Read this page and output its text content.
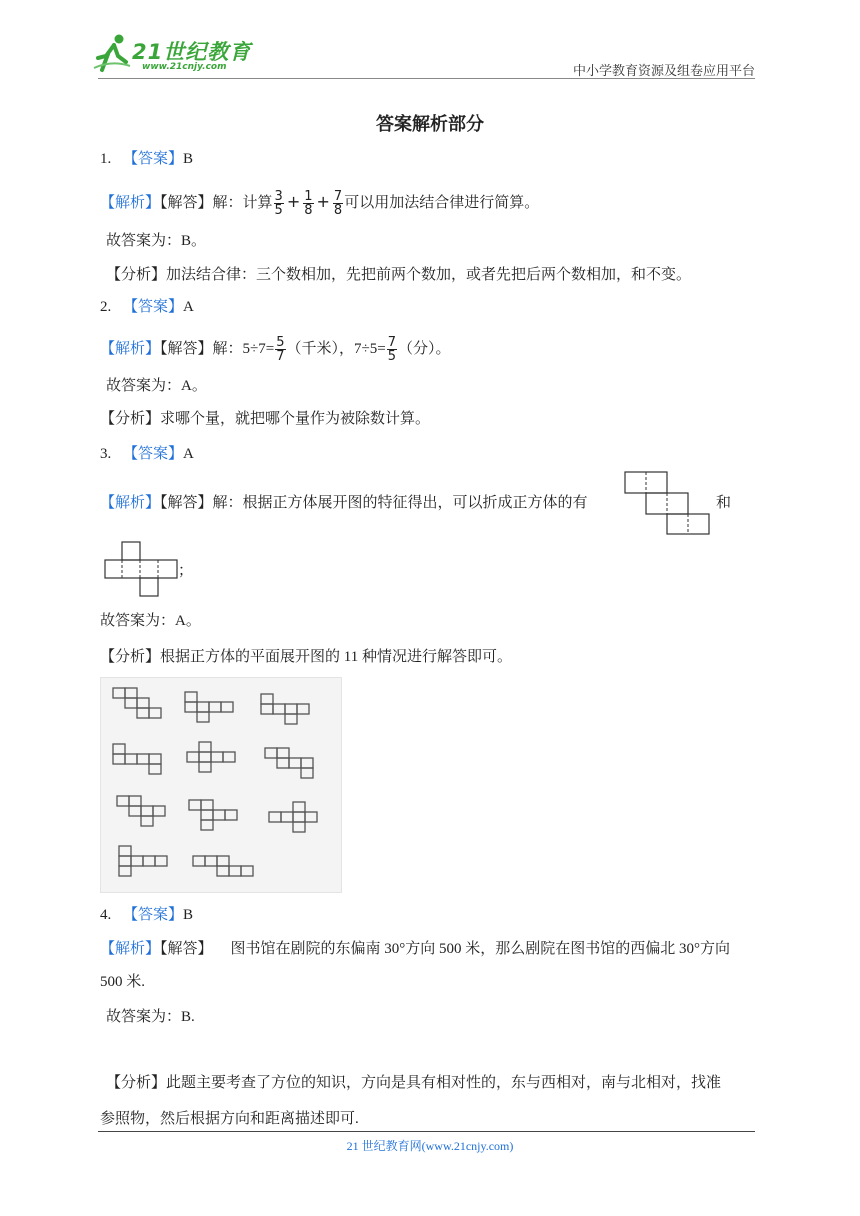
21世纪教育
www.21cnjy.com	中小学教育资源及组卷应用平台
答案解析部分
1. 【答案】B
【解析】【解答】解：计算 $\frac{3}{5} + \frac{1}{8} + \frac{7}{8}$ 可以用加法结合律进行简算。
故答案为：B。
【分析】加法结合律：三个数相加，先把前两个数加，或者先把后两个数相加，和不变。
2. 【答案】A
【解析】【解答】解：$5\div 7= \frac{5}{7}$ （千米），$7\div 5= \frac{7}{5}$ （分）。
故答案为：A。
【分析】求哪个量，就把哪个量作为被除数计算。
3. 【答案】A
【解析】【解答】解：根据正方体展开图的特征得出，可以折成正方体的有	和
；
故答案为：A。
【分析】根据正方体的平面展开图的 11 种情况进行解答即可。
4. 【答案】B
【解析】【解答】 图书馆在剧院的东偏南 30°方向 500 米，那么剧院在图书馆的西偏北 30°方向
500 米.
故答案为：B.
【分析】此题主要考查了方位的知识，方向是具有相对性的，东与西相对，南与北相对，找准
参照物，然后根据方向和距离描述即可.
21 世纪教育网(www.21cnjy.com)
